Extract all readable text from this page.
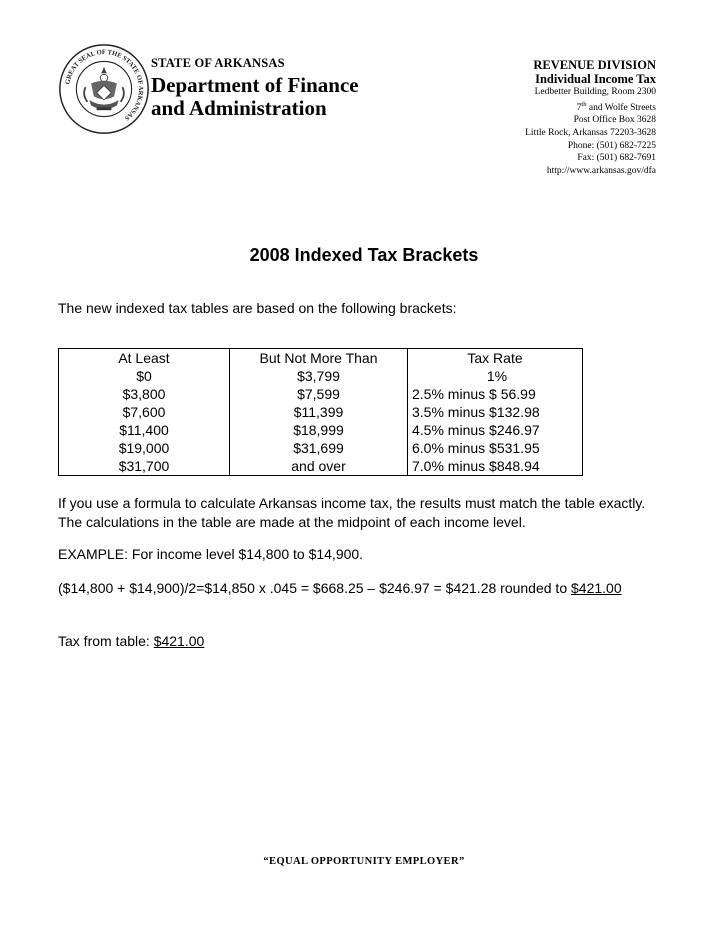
GREAT SEAL OF THE STATE OF ARKANSAS
STATE OF ARKANSAS
Department of Finance
and Administration
REVENUE DIVISION
Individual Income Tax
Ledbetter Building, Room 2300
7th and Wolfe Streets
Post Office Box 3628
Little Rock, Arkansas 72203-3628
Phone: (501) 682-7225
Fax: (501) 682-7691
http://www.arkansas.gov/dfa
2008 Indexed Tax Brackets
The new indexed tax tables are based on the following brackets:
At Least	But Not More Than	Tax Rate
$0	$3,799	1%
$3,800	$7,599	2.5% minus $ 56.99
$7,600	$11,399	3.5% minus $132.98
$11,400	$18,999	4.5% minus $246.97
$19,000	$31,699	6.0% minus $531.95
$31,700	and over	7.0% minus $848.94
If you use a formula to calculate Arkansas income tax, the results must match the table exactly. The calculations in the table are made at the midpoint of each income level.
EXAMPLE: For income level $14,800 to $14,900.
($14,800 + $14,900)/2=$14,850 x .045 = $668.25 – $246.97 = $421.28 rounded to $421.00
Tax from table: $421.00
“EQUAL OPPORTUNITY EMPLOYER”
